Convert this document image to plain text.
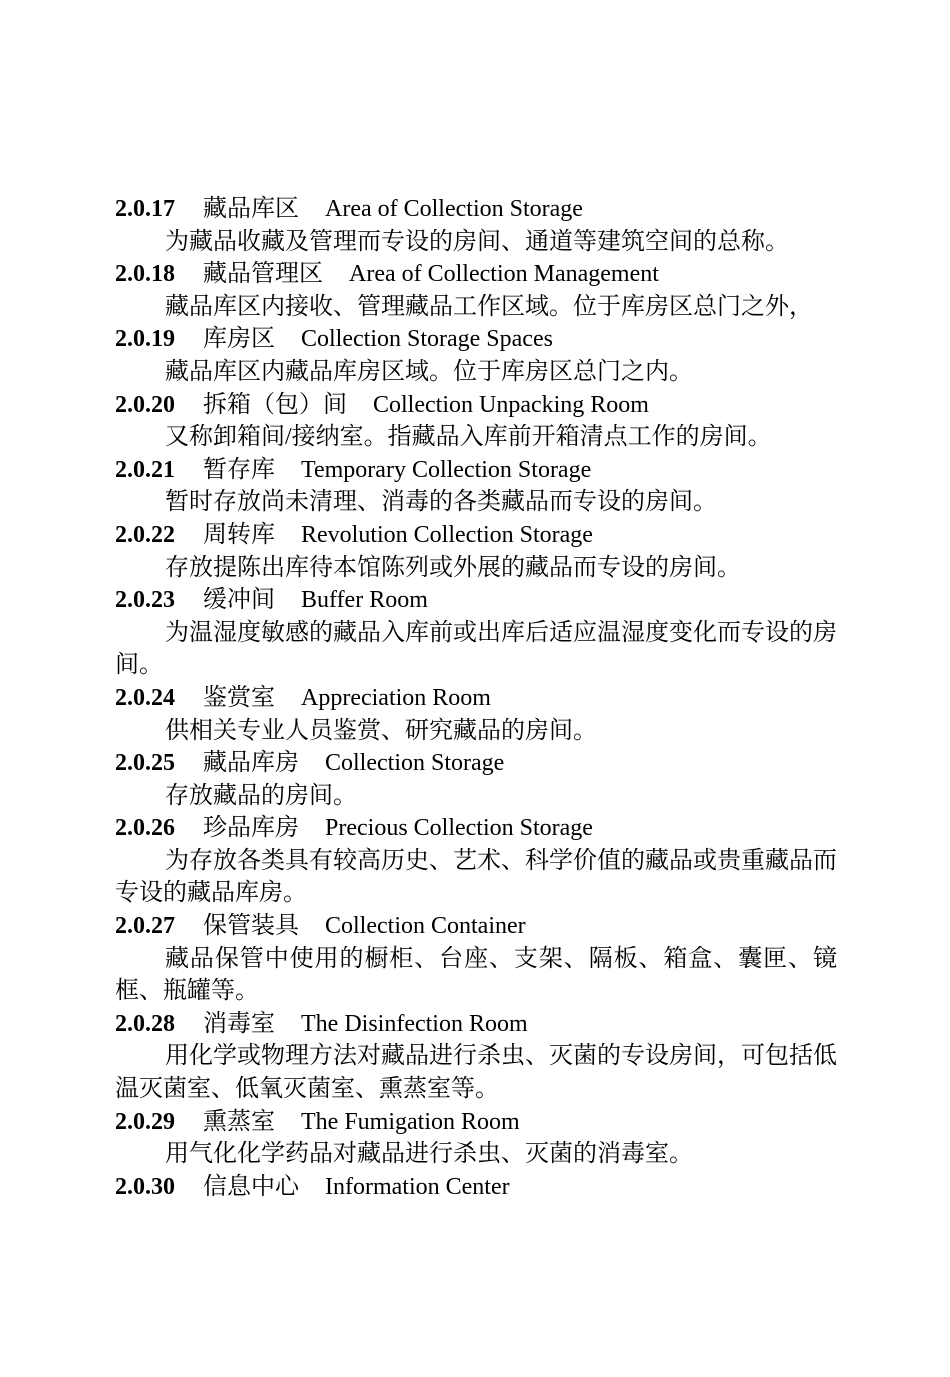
2.0.17 藏品库区 Area of Collection Storage

为藏品收藏及管理而专设的房间、通道等建筑空间的总称。

2.0.18 藏品管理区 Area of Collection Management

藏品库区内接收、管理藏品工作区域。位于库房区总门之外，

2.0.19 库房区 Collection Storage Spaces

藏品库区内藏品库房区域。位于库房区总门之内。

2.0.20 拆箱（包）间 Collection Unpacking Room

又称卸箱间/接纳室。指藏品入库前开箱清点工作的房间。

2.0.21 暂存库 Temporary Collection Storage

暂时存放尚未清理、消毒的各类藏品而专设的房间。

2.0.22 周转库 Revolution Collection Storage

存放提陈出库待本馆陈列或外展的藏品而专设的房间。

2.0.23 缓冲间 Buffer Room

为温湿度敏感的藏品入库前或出库后适应温湿度变化而专设的房间。

2.0.24 鉴赏室 Appreciation Room

供相关专业人员鉴赏、研究藏品的房间。

2.0.25 藏品库房 Collection Storage

存放藏品的房间。

2.0.26 珍品库房 Precious Collection Storage

为存放各类具有较高历史、艺术、科学价值的藏品或贵重藏品而专设的藏品库房。

2.0.27 保管装具 Collection Container

藏品保管中使用的橱柜、台座、支架、隔板、箱盒、囊匣、镜框、瓶罐等。

2.0.28 消毒室 The Disinfection Room

用化学或物理方法对藏品进行杀虫、灭菌的专设房间，可包括低温灭菌室、低氧灭菌室、熏蒸室等。

2.0.29 熏蒸室 The Fumigation Room

用气化化学药品对藏品进行杀虫、灭菌的消毒室。

2.0.30 信息中心 Information Center
